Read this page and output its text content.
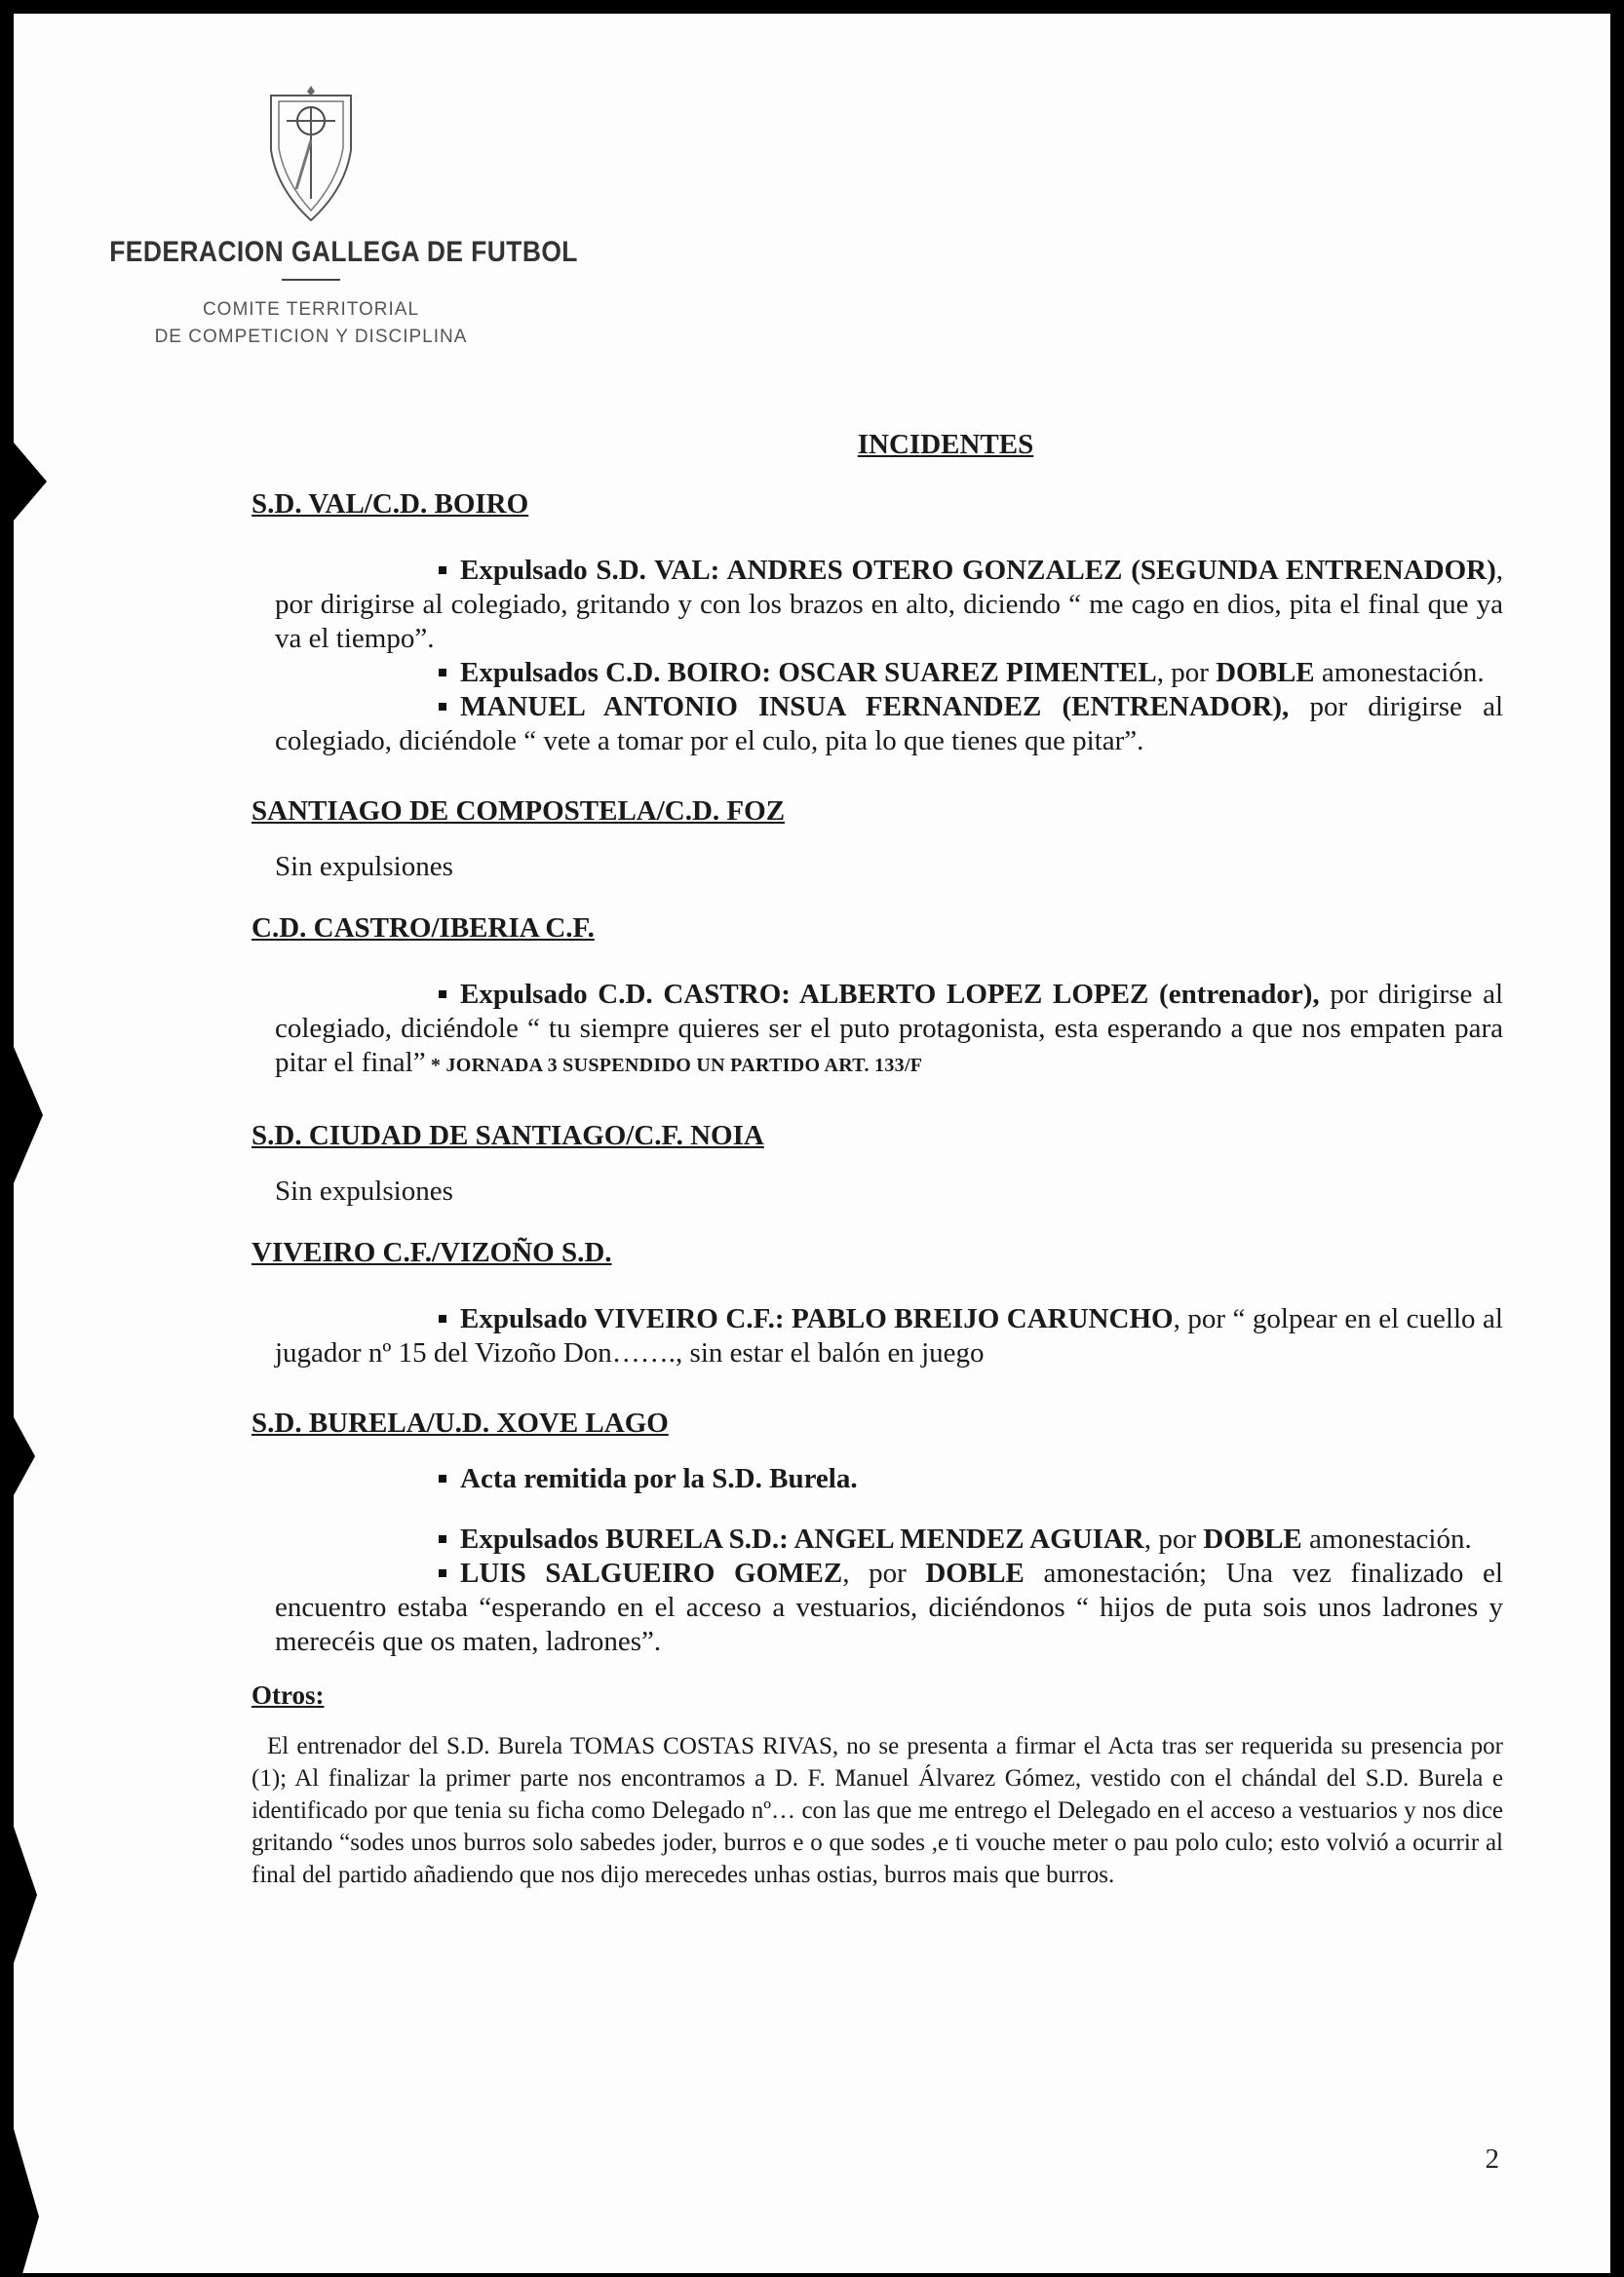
FEDERACION GALLEGA DE FUTBOL
COMITE TERRITORIAL
DE COMPETICION Y DISCIPLINA
INCIDENTES
S.D. VAL/C.D. BOIRO
Expulsado S.D. VAL: ANDRES OTERO GONZALEZ (SEGUNDA ENTRENADOR), por dirigirse al colegiado, gritando y con los brazos en alto, diciendo “ me cago en dios, pita el final que ya va el tiempo”.
Expulsados C.D. BOIRO: OSCAR SUAREZ PIMENTEL, por DOBLE amonestación.
MANUEL ANTONIO INSUA FERNANDEZ (ENTRENADOR), por dirigirse al colegiado, diciéndole “ vete a tomar por el culo, pita lo que tienes que pitar”.
SANTIAGO DE COMPOSTELA/C.D. FOZ
Sin expulsiones
C.D. CASTRO/IBERIA C.F.
Expulsado C.D. CASTRO: ALBERTO LOPEZ LOPEZ (entrenador), por dirigirse al colegiado, diciéndole “ tu siempre quieres ser el puto protagonista, esta esperando a que nos empaten para pitar el final” * JORNADA 3 SUSPENDIDO UN PARTIDO ART. 133/F
S.D. CIUDAD DE SANTIAGO/C.F. NOIA
Sin expulsiones
VIVEIRO C.F./VIZOÑO S.D.
Expulsado VIVEIRO C.F.: PABLO BREIJO CARUNCHO, por “ golpear en el cuello al jugador nº 15 del Vizoño Don……., sin estar el balón en juego
S.D. BURELA/U.D. XOVE LAGO
Acta remitida por la S.D. Burela.
Expulsados BURELA S.D.: ANGEL MENDEZ AGUIAR, por DOBLE amonestación.
LUIS SALGUEIRO GOMEZ, por DOBLE amonestación; Una vez finalizado el encuentro estaba “esperando en el acceso a vestuarios, diciéndonos “ hijos de puta sois unos ladrones y merecéis que os maten, ladrones”.
Otros:
El entrenador del S.D. Burela TOMAS COSTAS RIVAS, no se presenta a firmar el Acta tras ser requerida su presencia por (1); Al finalizar la primer parte nos encontramos a D. F. Manuel Álvarez Gómez, vestido con el chándal del S.D. Burela e identificado por que tenia su ficha como Delegado nº… con las que me entrego el Delegado en el acceso a vestuarios y nos dice gritando “sodes unos burros solo sabedes joder, burros e o que sodes ,e ti vouche meter o pau polo culo; esto volvió a ocurrir al final del partido añadiendo que nos dijo merecedes unhas ostias, burros mais que burros.
2
